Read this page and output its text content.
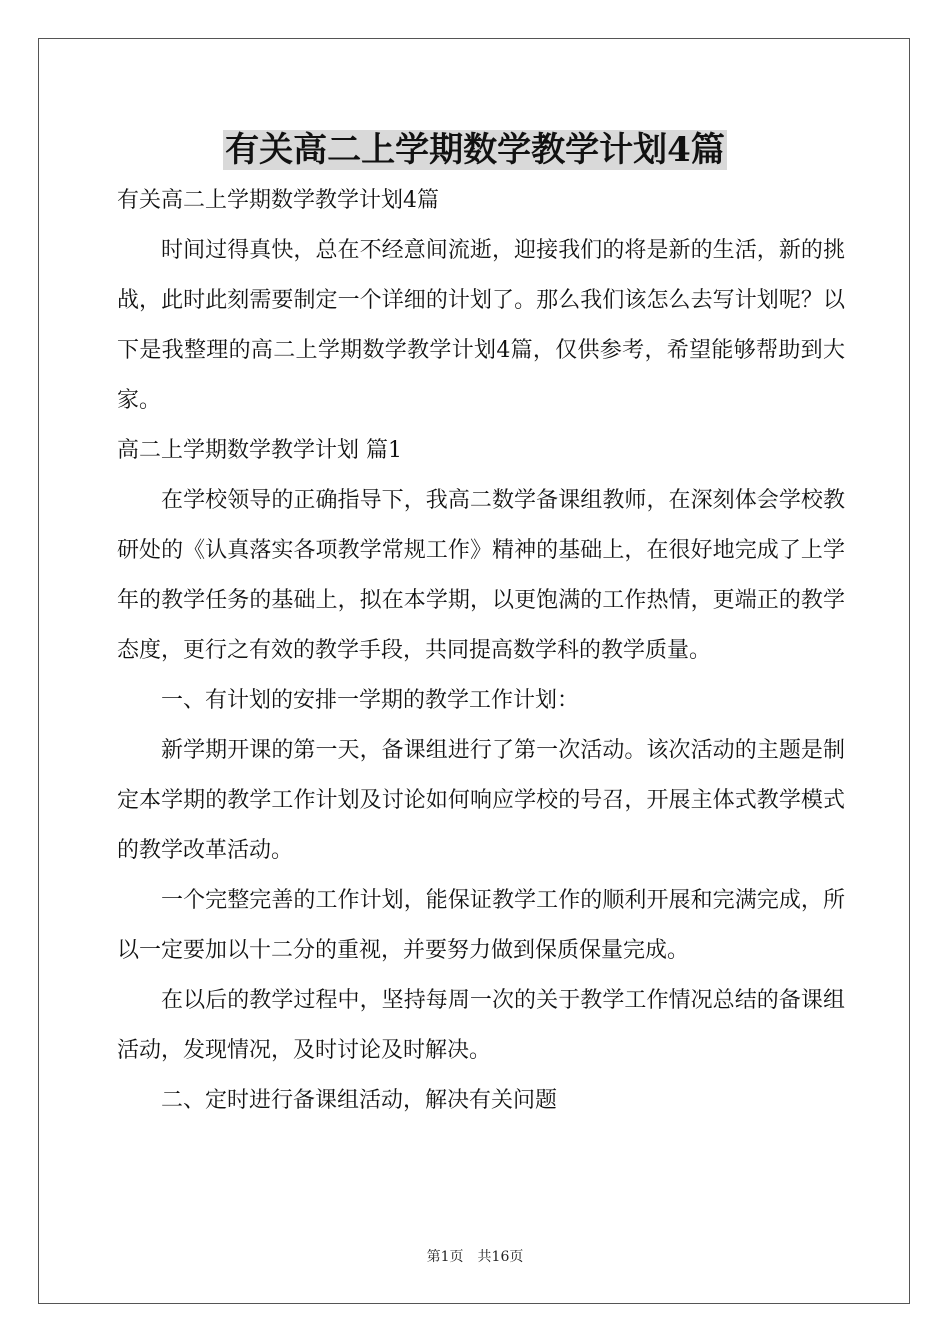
有关高二上学期数学教学计划4篇

有关高二上学期数学教学计划4篇

时间过得真快，总在不经意间流逝，迎接我们的将是新的生活，新的挑战，此时此刻需要制定一个详细的计划了。那么我们该怎么去写计划呢？以下是我整理的高二上学期数学教学计划4篇，仅供参考，希望能够帮助到大家。

高二上学期数学教学计划 篇1

在学校领导的正确指导下，我高二数学备课组教师，在深刻体会学校教研处的《认真落实各项教学常规工作》精神的基础上，在很好地完成了上学年的教学任务的基础上，拟在本学期，以更饱满的工作热情，更端正的教学态度，更行之有效的教学手段，共同提高数学科的教学质量。

一、有计划的安排一学期的教学工作计划：

新学期开课的第一天，备课组进行了第一次活动。该次活动的主题是制定本学期的教学工作计划及讨论如何响应学校的号召，开展主体式教学模式的教学改革活动。

一个完整完善的工作计划，能保证教学工作的顺利开展和完满完成，所以一定要加以十二分的重视，并要努力做到保质保量完成。

在以后的教学过程中，坚持每周一次的关于教学工作情况总结的备课组活动，发现情况，及时讨论及时解决。

二、定时进行备课组活动，解决有关问题

第1页　共16页
